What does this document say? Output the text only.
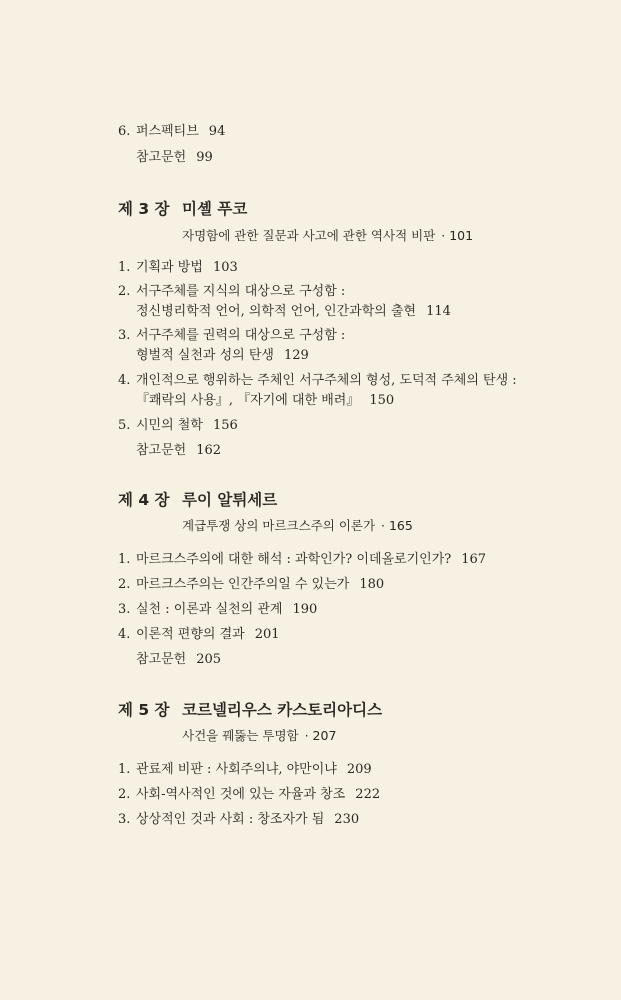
6. 퍼스펙티브 94
참고문헌 99
제 3 장 미셸 푸코
자명함에 관한 질문과 사고에 관한 역사적 비판 · 101
1. 기획과 방법 103
2. 서구주체를 지식의 대상으로 구성함 :
정신병리학적 언어, 의학적 언어, 인간과학의 출현 114
3. 서구주체를 권력의 대상으로 구성함 :
형벌적 실천과 성의 탄생 129
4. 개인적으로 행위하는 주체인 서구주체의 형성, 도덕적 주체의 탄생 :
『쾌락의 사용』, 『자기에 대한 배려』 150
5. 시민의 철학 156
참고문헌 162
제 4 장 루이 알튀세르
계급투쟁 상의 마르크스주의 이론가 · 165
1. 마르크스주의에 대한 해석 : 과학인가? 이데올로기인가? 167
2. 마르크스주의는 인간주의일 수 있는가 180
3. 실천 : 이론과 실천의 관계 190
4. 이론적 편향의 결과 201
참고문헌 205
제 5 장 코르넬리우스 카스토리아디스
사건을 꿰뚫는 투명함 · 207
1. 관료제 비판 : 사회주의냐, 야만이냐 209
2. 사회-역사적인 것에 있는 자율과 창조 222
3. 상상적인 것과 사회 : 창조자가 됨 230
